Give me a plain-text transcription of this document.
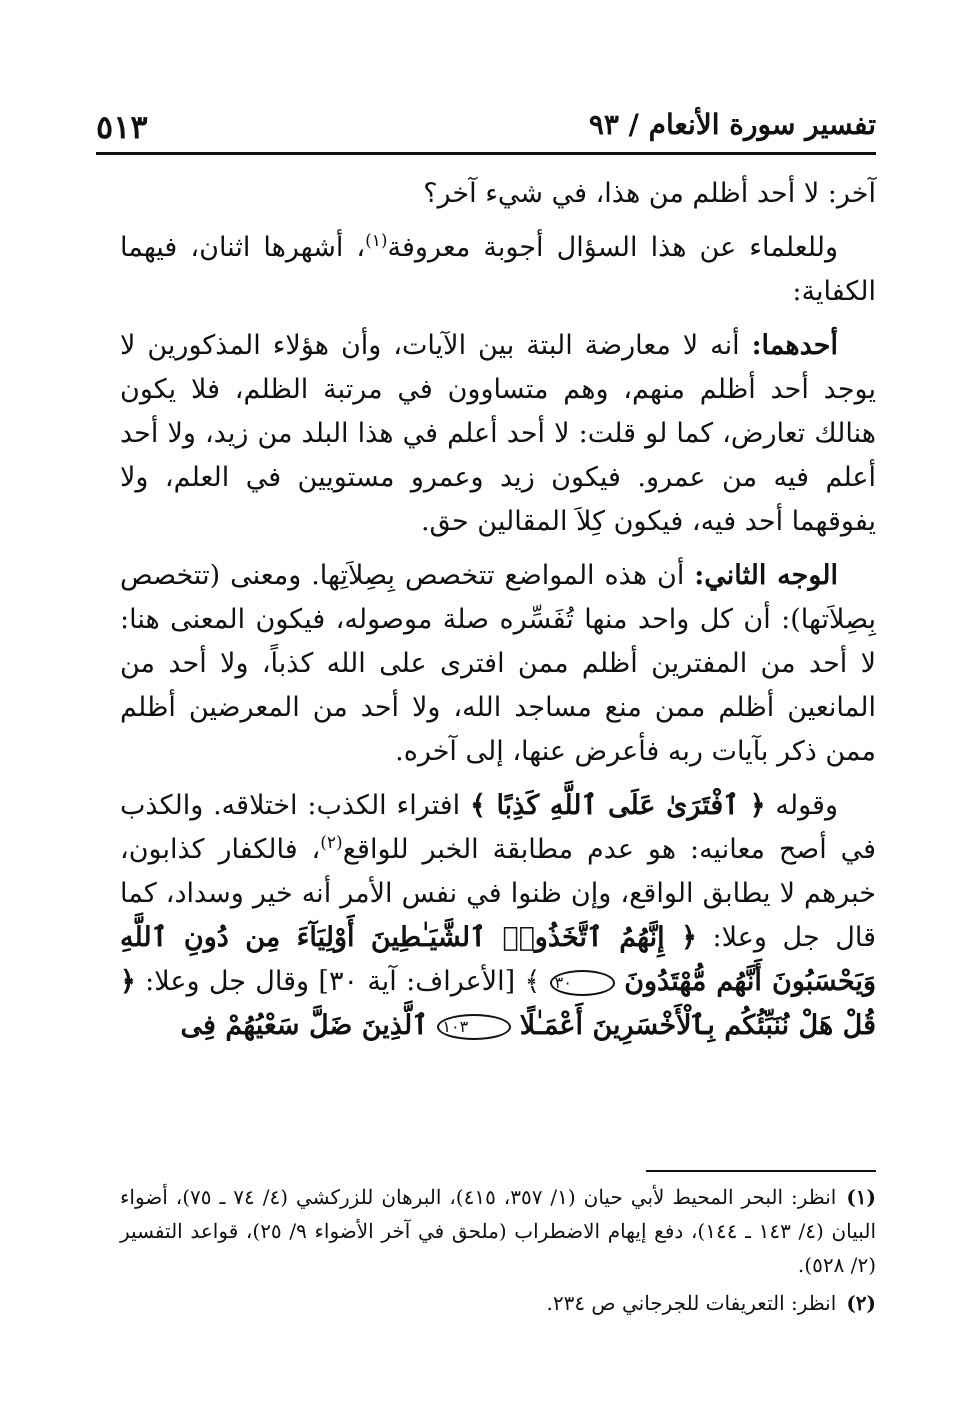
تفسير سورة الأنعام / ٩٣
٥١٣

آخر: لا أحد أظلم من هذا، في شيء آخر؟

وللعلماء عن هذا السؤال أجوبة معروفة$^{(١)}$، أشهرها اثنان، فيهما الكفاية:

أحدهما: أنه لا معارضة البتة بين الآيات، وأن هؤلاء المذكورين لا يوجد أحد أظلم منهم، وهم متساوون في مرتبة الظلم، فلا يكون هنالك تعارض، كما لو قلت: لا أحد أعلم في هذا البلد من زيد، ولا أحد أعلم فيه من عمرو. فيكون زيد وعمرو مستويين في العلم، ولا يفوقهما أحد فيه، فيكون كِلاَ المقالين حق.

الوجه الثاني: أن هذه المواضع تتخصص بِصِلاَتِها. ومعنى (تتخصص بِصِلاَتها): أن كل واحد منها تُفَسِّره صلة موصوله، فيكون المعنى هنا: لا أحد من المفترين أظلم ممن افترى على الله كذباً، ولا أحد من المانعين أظلم ممن منع مساجد الله، ولا أحد من المعرضين أظلم ممن ذكر بآيات ربه فأعرض عنها، إلى آخره.

وقوله ﴿ ٱفْتَرَىٰ عَلَى ٱللَّهِ كَذِبًا ﴾ افتراء الكذب: اختلاقه. والكذب في أصح معانيه: هو عدم مطابقة الخبر للواقع$^{(٢)}$، فالكفار كذابون، خبرهم لا يطابق الواقع، وإن ظنوا في نفس الأمر أنه خير وسداد، كما قال جل وعلا: ﴿ إِنَّهُمُ ٱتَّخَذُوا۟ ٱلشَّيَـٰطِينَ أَوْلِيَآءَ مِن دُونِ ٱللَّهِ وَيَحْسَبُونَ أَنَّهُم مُّهْتَدُونَ ٣٠ ﴾ [الأعراف: آية ٣٠] وقال جل وعلا: ﴿ قُلْ هَلْ نُنَبِّئُكُم بِٱلْأَخْسَرِينَ أَعْمَـٰلًا ١٠٣ ٱلَّذِينَ ضَلَّ سَعْيُهُمْ فِى

(١)انظر: البحر المحيط لأبي حيان (١/ ٣٥٧، ٤١٥)، البرهان للزركشي (٤/ ٧٤ ـ ٧٥)، أضواء البيان (٤/ ١٤٣ ـ ١٤٤)، دفع إيهام الاضطراب (ملحق في آخر الأضواء ٩/ ٢٥)، قواعد التفسير (٢/ ٥٢٨).

(٢)انظر: التعريفات للجرجاني ص ٢٣٤.
